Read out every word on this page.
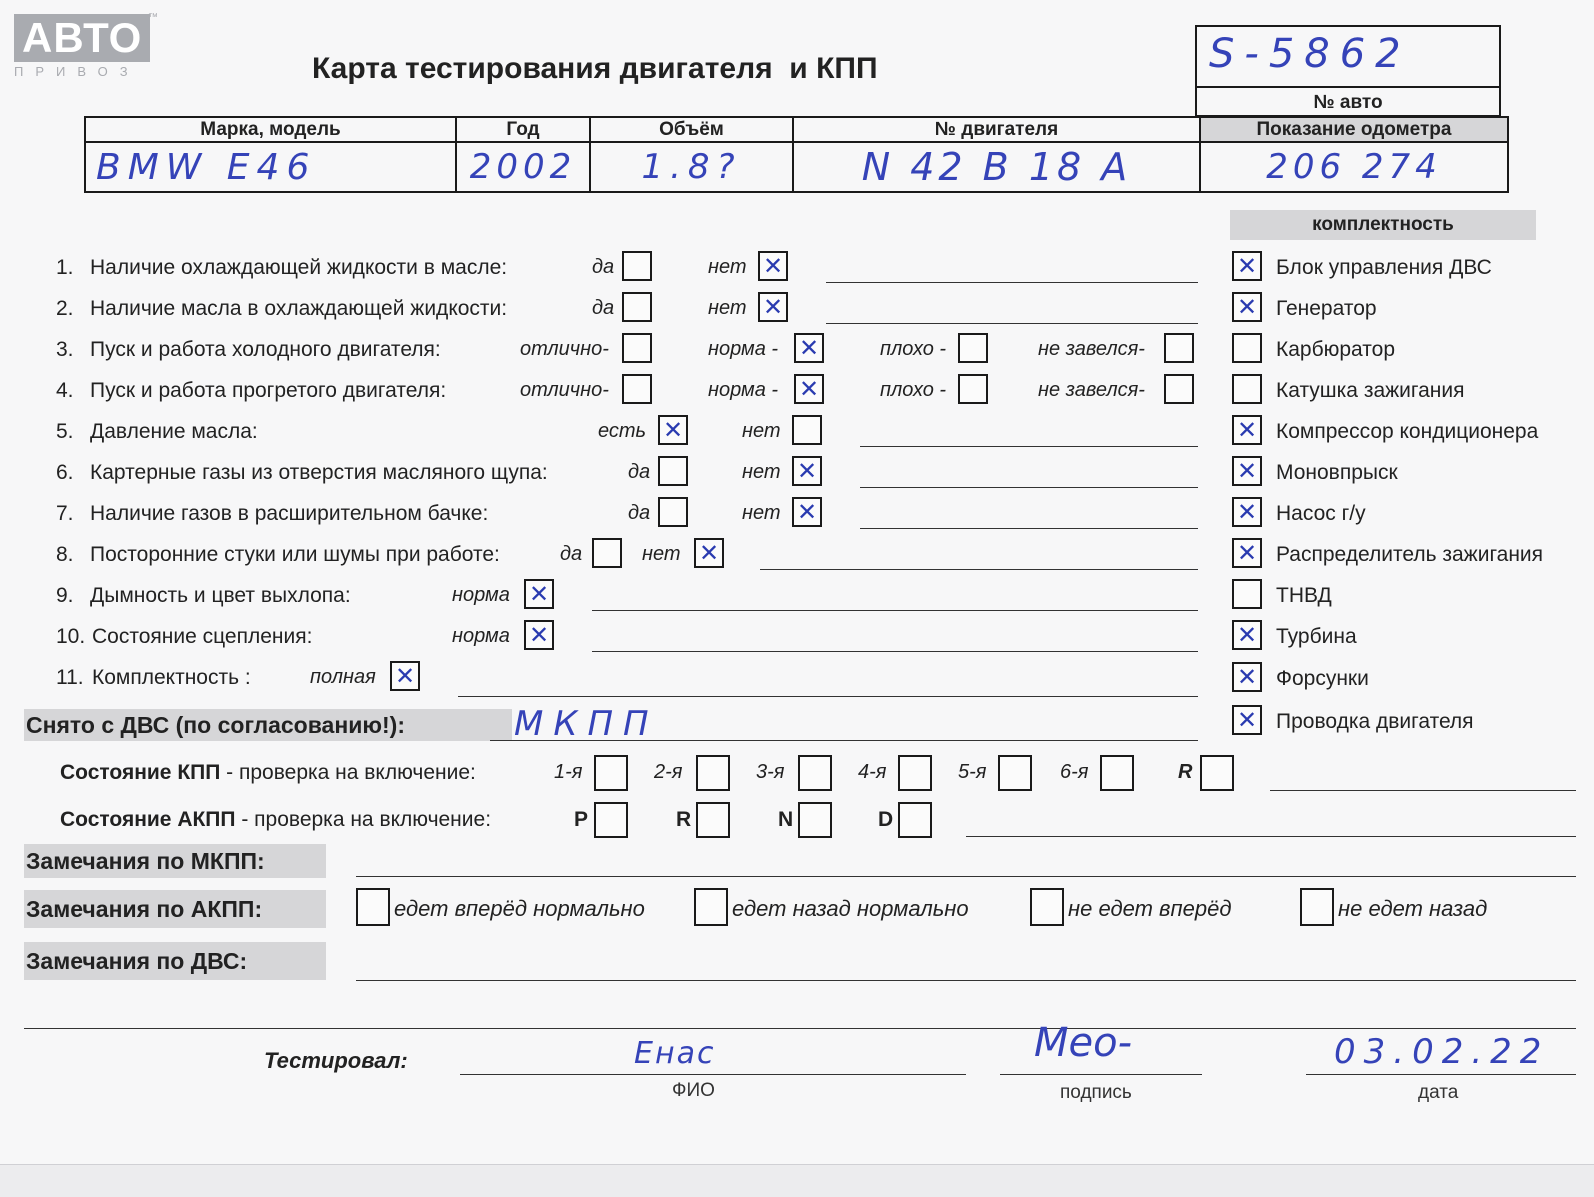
АВТО
ПРИВОЗ
™
Карта тестирования двигателя  и КПП	S-5862
№ авто
Марка, модель	Год	Объём	№ двигателя	Показание одометра
BMW E46	2002	1.8?	N 42 B 18 A	206 274
комплектность
1. Наличие охлаждающей жидкости в масле:	да	нет ✕
2. Наличие масла в охлаждающей жидкости:	да	нет ✕
3. Пуск и работа холодного двигателя:	отлично-	норма - ✕	плохо -	не завелся-
4. Пуск и работа прогретого двигателя:	отлично-	норма - ✕	плохо -	не завелся-
5. Давление масла:	есть ✕	нет
6. Картерные газы из отверстия масляного щупа:	да	нет ✕
7. Наличие газов в расширительном бачке:	да	нет ✕
8. Посторонние стуки или шумы при работе:	да	нет ✕
9. Дымность и цвет выхлопа:	норма ✕
10. Состояние сцепления:	норма ✕
11. Комплектность :	полная ✕
✕ Блок управления ДВС
✕ Генератор
Карбюратор
Катушка зажигания
✕ Компрессор кондиционера
✕ Моновпрыск
✕ Насос г/у
✕ Распределитель зажигания
ТНВД
✕ Турбина
✕ Форсунки
✕ Проводка двигателя
Снято с ДВС (по согласованию!):	МКПП
Состояние КПП - проверка на включение:	1-я	2-я	3-я	4-я	5-я	6-я	R
Состояние АКПП - проверка на включение:	P	R	N	D
Замечания по МКПП:
Замечания по АКПП:	едет вперёд нормально	едет назад нормально	не едет вперёд	не едет назад
Замечания по ДВС:
Тестировал:	Енас
ФИО
Мео-
подпись
03.02.22
дата
